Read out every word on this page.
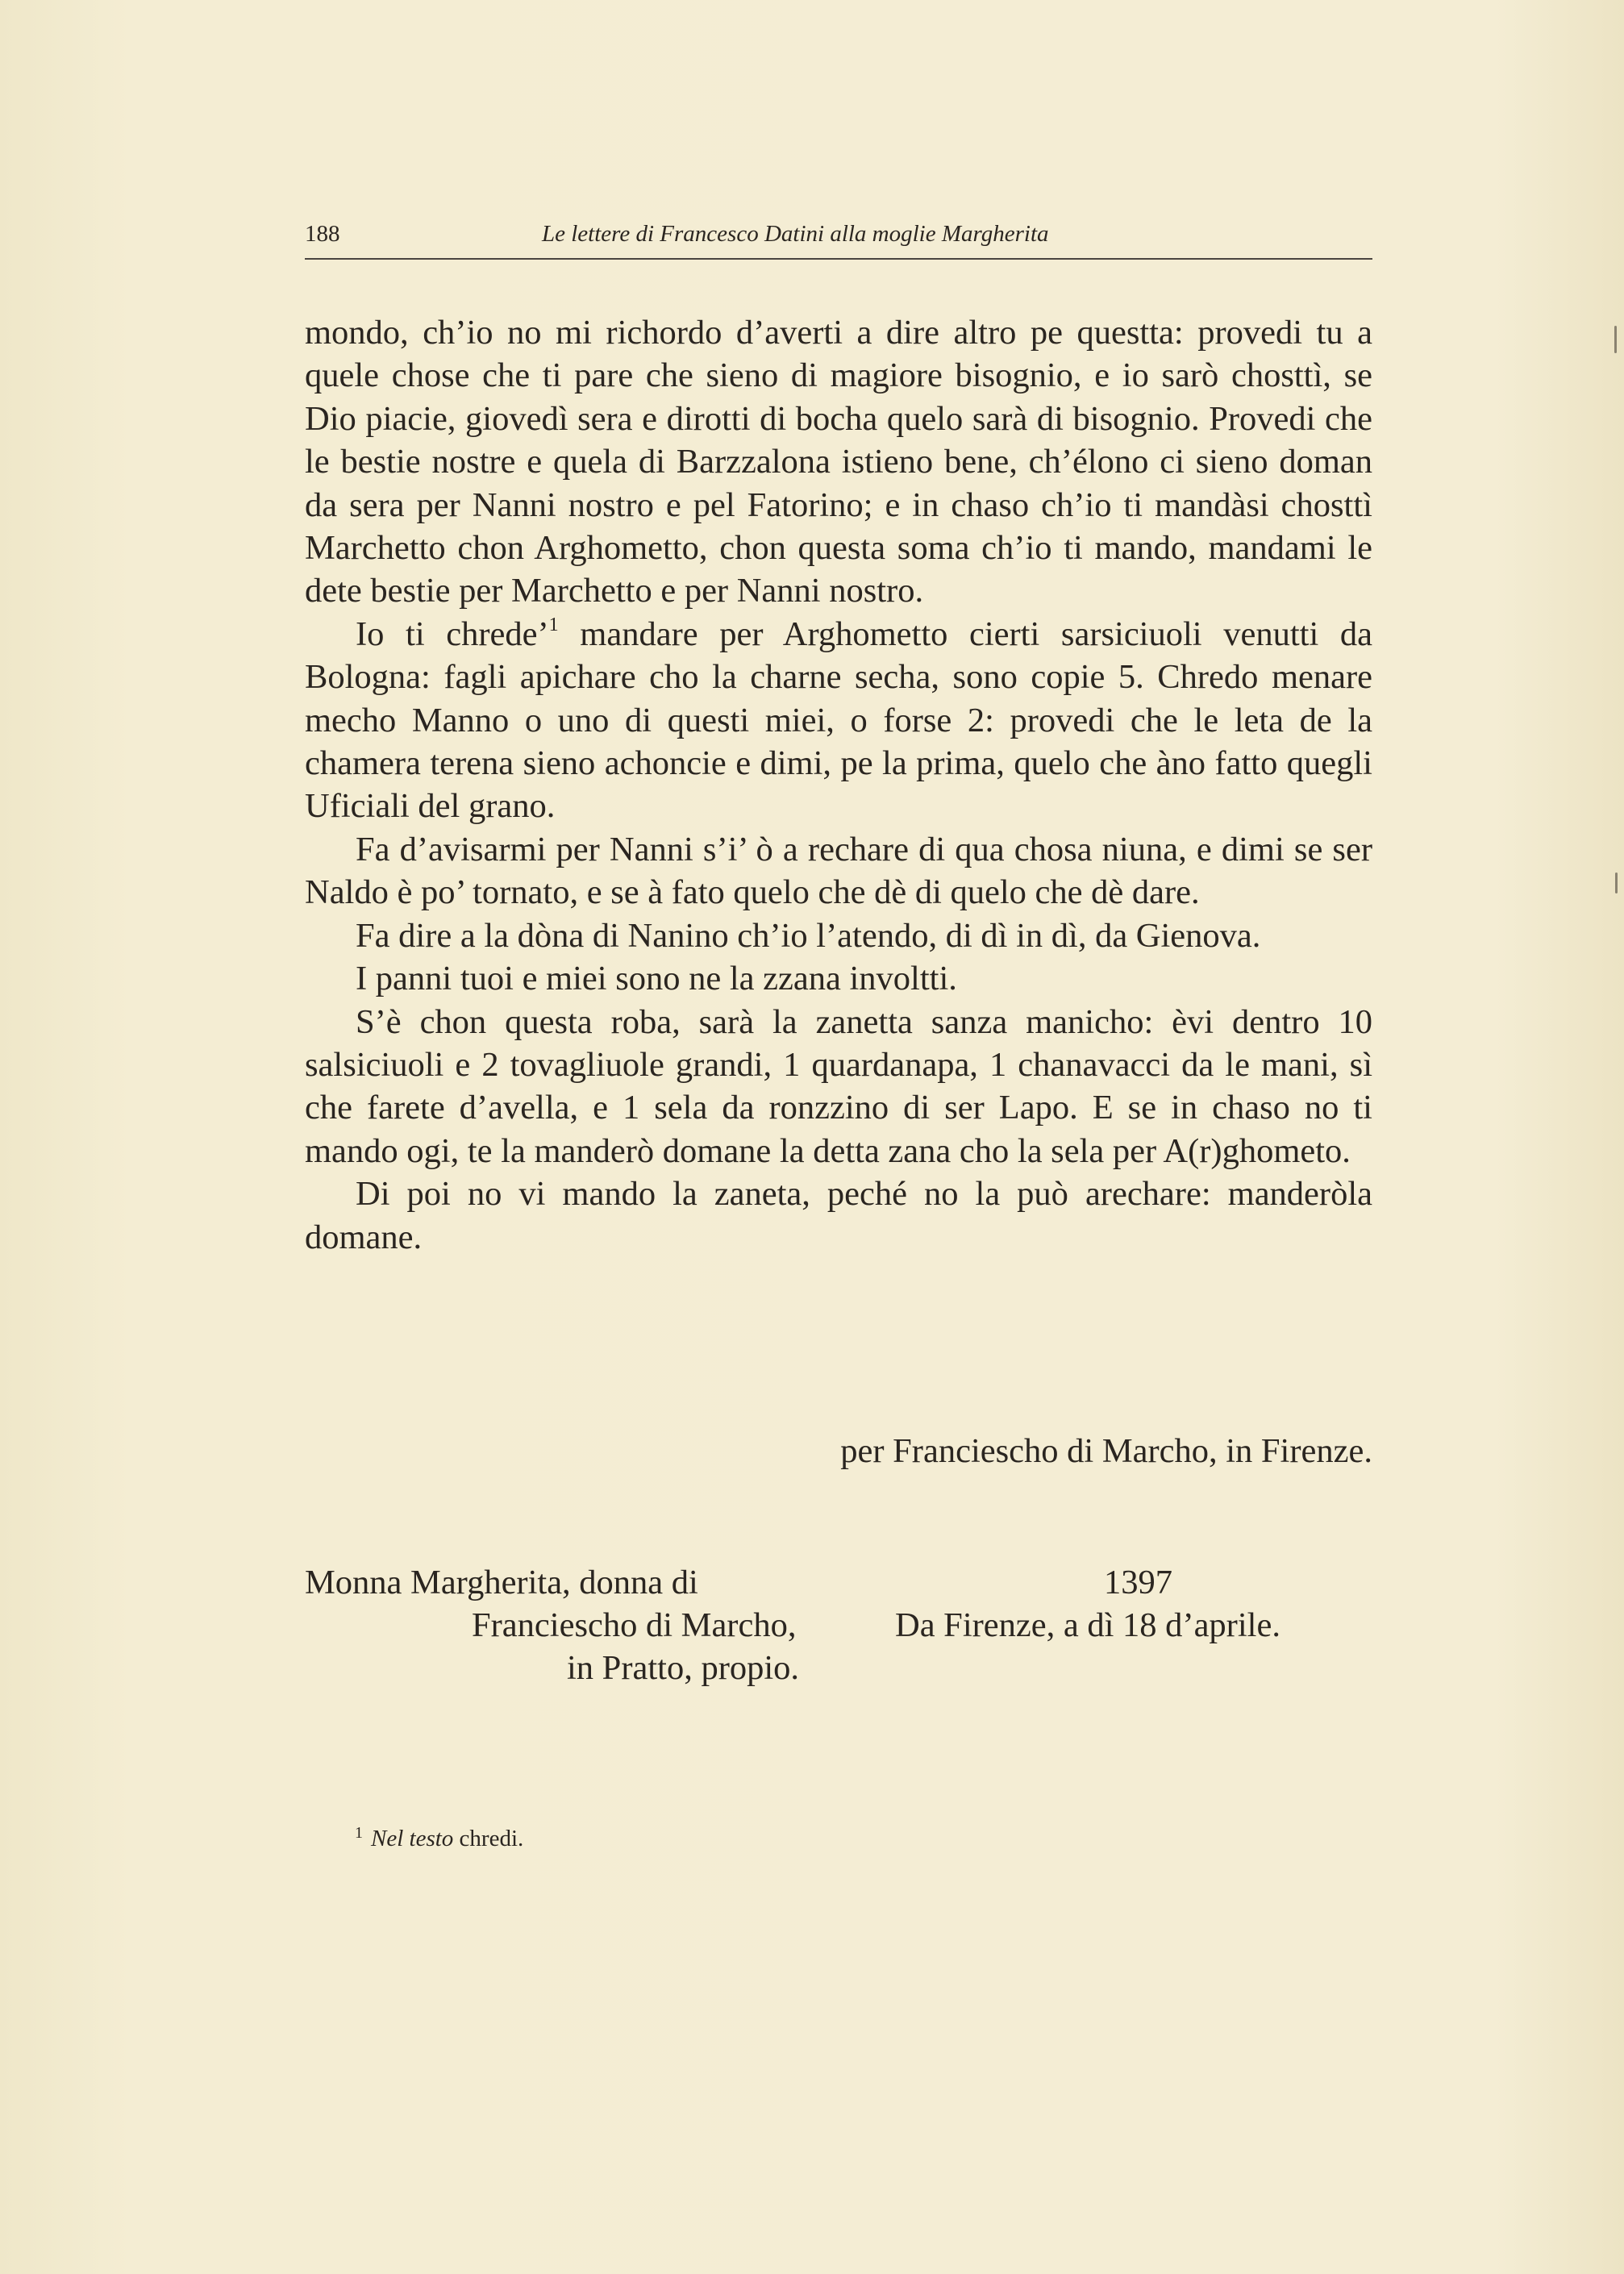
188	Le lettere di Francesco Datini alla moglie Margherita

mondo, ch’io no mi richordo d’averti a dire altro pe questta: provedi tu a quele chose che ti pare che sieno di magiore bisognio, e io sarò chosttì, se Dio piacie, giovedì sera e dirotti di bocha quelo sarà di bisognio. Provedi che le bestie nostre e quela di Barzzalona istieno bene, ch’élono ci sieno doman da sera per Nanni nostro e pel Fatorino; e in chaso ch’io ti mandàsi chosttì Marchetto chon Arghometto, chon questa soma ch’io ti mando, mandami le dete bestie per Marchetto e per Nanni nostro.

Io ti chrede’$^1$ mandare per Arghometto cierti sarsiciuoli venutti da Bologna: fagli apichare cho la charne secha, sono copie 5. Chredo menare mecho Manno o uno di questi miei, o forse 2: provedi che le leta de la chamera terena sieno achoncie e dimi, pe la prima, quelo che àno fatto quegli Uficiali del grano.

Fa d’avisarmi per Nanni s’i’ ò a rechare di qua chosa niuna, e dimi se ser Naldo è po’ tornato, e se à fato quelo che dè di quelo che dè dare.

Fa dire a la dòna di Nanino ch’io l’atendo, di dì in dì, da Gienova.

I panni tuoi e miei sono ne la zzana involtti.

S’è chon questa roba, sarà la zanetta sanza manicho: èvi dentro 10 salsiciuoli e 2 tovagliuole grandi, 1 quardanapa, 1 chanavacci da le mani, sì che farete d’avella, e 1 sela da ronzzino di ser Lapo. E se in chaso no ti mando ogi, te la manderò domane la detta zana cho la sela per A(r)ghometo.

Di poi no vi mando la zaneta, peché no la può arechare: manderòla domane.

per Franciescho di Marcho, in Firenze.
Monna Margherita, donna di
Franciescho di Marcho,
in Pratto, propio.
1397
Da Firenze, a dì 18 d’aprile.
$^1$ Nel testo chredi.
